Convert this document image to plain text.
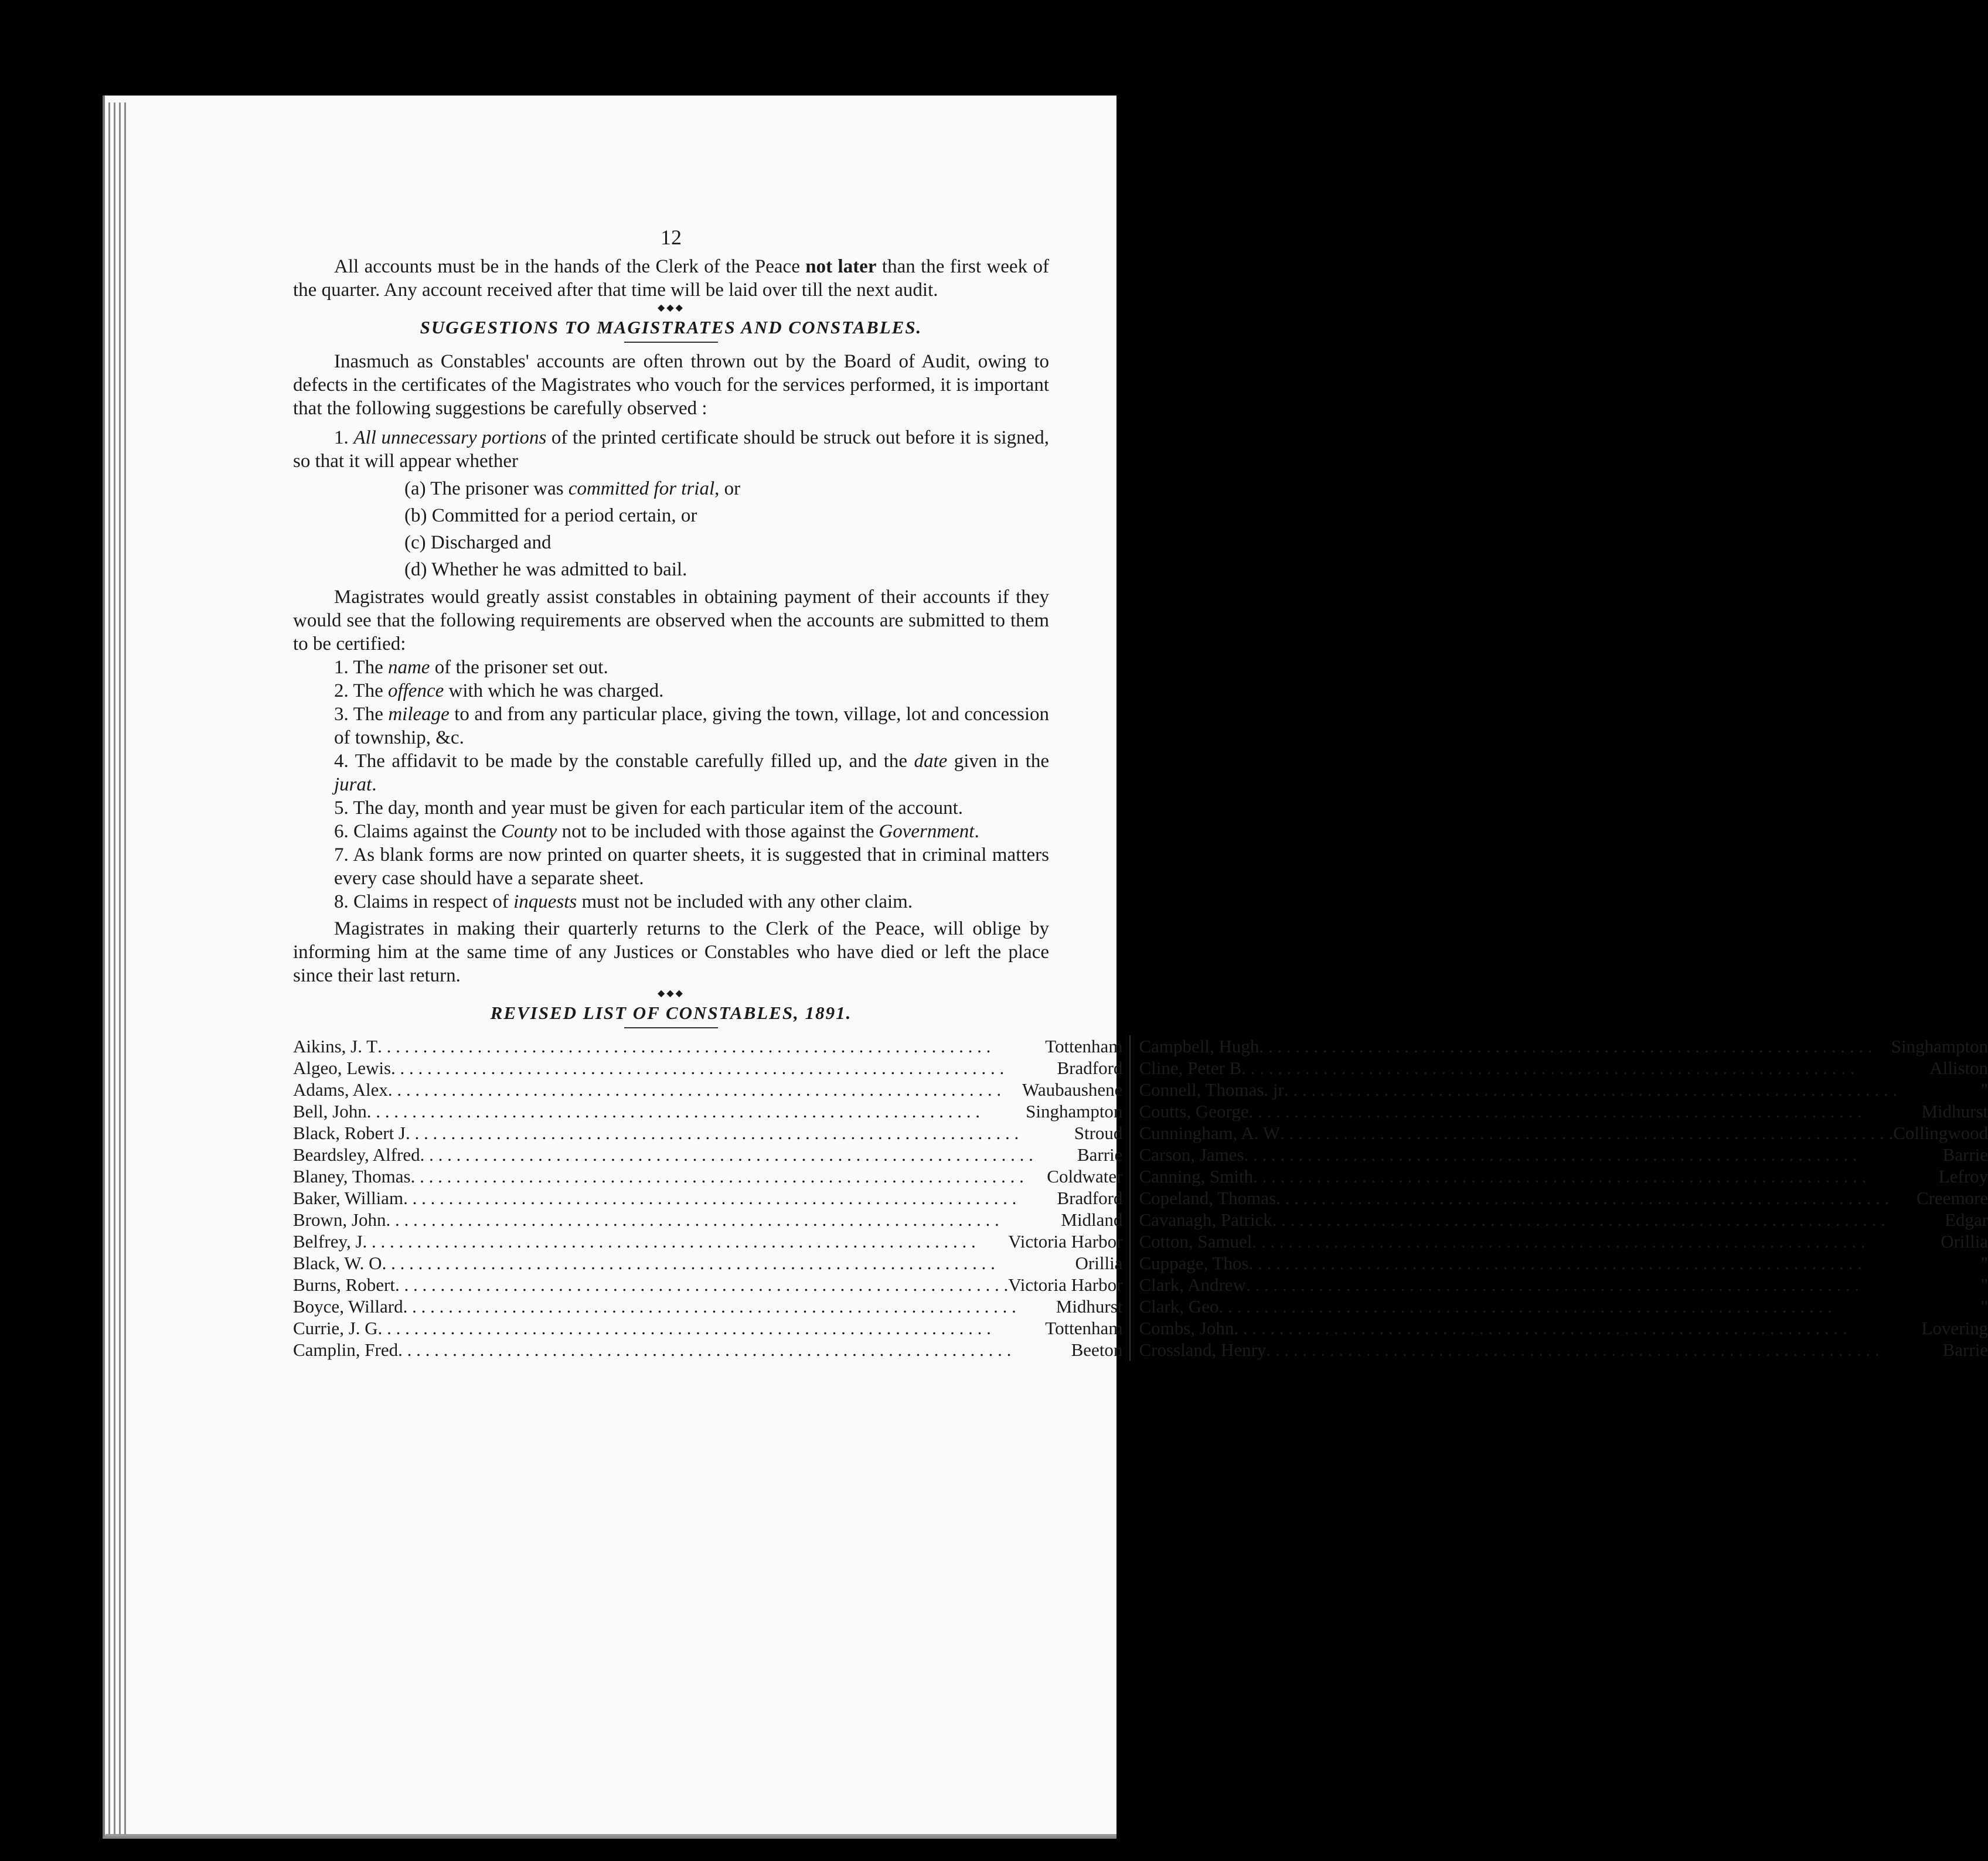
12

All accounts must be in the hands of the Clerk of the Peace not later than the first week of the quarter. Any account received after that time will be laid over till the next audit.

◆◆◆
SUGGESTIONS TO MAGISTRATES AND CONSTABLES.

Inasmuch as Constables' accounts are often thrown out by the Board of Audit, owing to defects in the certificates of the Magistrates who vouch for the services performed, it is important that the following suggestions be carefully observed :

1. All unnecessary portions of the printed certificate should be struck out before it is signed, so that it will appear whether

(a) The prisoner was committed for trial, or
(b) Committed for a period certain, or
(c) Discharged and
(d) Whether he was admitted to bail.

Magistrates would greatly assist constables in obtaining payment of their accounts if they would see that the following requirements are observed when the accounts are submitted to them to be certified:

1. The name of the prisoner set out.

2. The offence with which he was charged.

3. The mileage to and from any particular place, giving the town, village, lot and concession of township, &c.

4. The affidavit to be made by the constable carefully filled up, and the date given in the jurat.

5. The day, month and year must be given for each particular item of the account.

6. Claims against the County not to be included with those against the Government.

7. As blank forms are now printed on quarter sheets, it is suggested that in criminal matters every case should have a separate sheet.

8. Claims in respect of inquests must not be included with any other claim.

Magistrates in making their quarterly returns to the Clerk of the Peace, will oblige by informing him at the same time of any Justices or Constables who have died or left the place since their last return.

◆◆◆
REVISED LIST OF CONSTABLES, 1891.
Aikins, J. T . . .	Tottenham
Algeo, Lewis . . .	Bradford
Adams, Alex . . .	Waubaushene
Bell, John . . .	Singhampton
Black, Robert J . . .	Stroud
Beardsley, Alfred . . .	Barrie
Blaney, Thomas . . .	Coldwater
Baker, William . . .	Bradford
Brown, John . . .	Midland
Belfrey, J . . .	Victoria Harbor
Black, W. O . . .	Orillia
Burns, Robert . . .	Victoria Harbor
Boyce, Willard . . .	Midhurst
Currie, J. G . . .	Tottenham
Camplin, Fred . . .	Beeton
Campbell, Hugh . . .	Singhampton
Cline, Peter B . . .	Alliston
Connell, Thomas. jr . . .	"
Coutts, George . . .	Midhurst
Cunningham, A. W . . .	Collingwood
Carson, James . . .	Barrie
Canning, Smith . . .	Lefroy
Copeland, Thomas . . .	Creemore
Cavanagh, Patrick . . .	Edgar
Cotton, Samuel . . .	Orillia
Cuppage, Thos . . .	"
Clark, Andrew . . .	"
Clark, Geo . . .	"
Combs, John . . .	Lovering
Crossland, Henry . . .	Barrie
